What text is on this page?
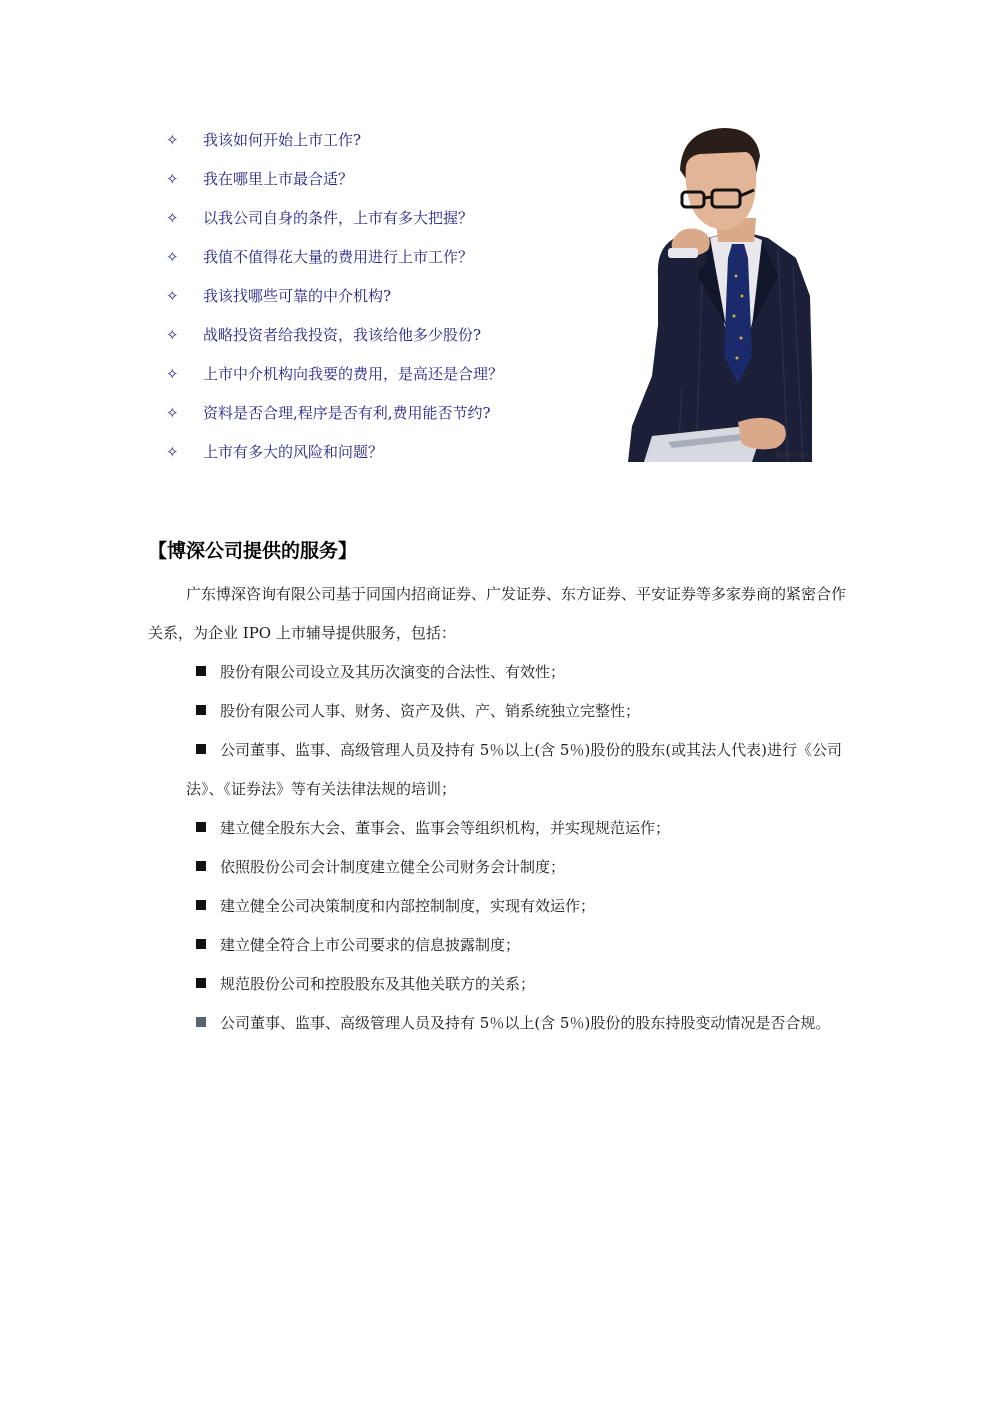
✧	我该如何开始上市工作?
✧	我在哪里上市最合适？
✧	以我公司自身的条件，上市有多大把握？
✧	我值不值得花大量的费用进行上市工作？
✧	我该找哪些可靠的中介机构?
✧	战略投资者给我投资，我该给他多少股份?
✧	上市中介机构向我要的费用，是高还是合理？
✧	资料是否合理,程序是否有利,费用能否节约?
✧	上市有多大的风险和问题？	昵图网 nipic
【博深公司提供的服务】

广东博深咨询有限公司基于同国内招商证券、广发证券、东方证券、平安证券等多家券商的紧密合作关系，为企业 IPO 上市辅导提供服务，包括：

股份有限公司设立及其历次演变的合法性、有效性；
股份有限公司人事、财务、资产及供、产、销系统独立完整性；
公司董事、监事、高级管理人员及持有 5％以上(含 5％)股份的股东(或其法人代表)进行《公司法》、《证券法》等有关法律法规的培训；
建立健全股东大会、董事会、监事会等组织机构，并实现规范运作；
依照股份公司会计制度建立健全公司财务会计制度；
建立健全公司决策制度和内部控制制度，实现有效运作；
建立健全符合上市公司要求的信息披露制度；
规范股份公司和控股股东及其他关联方的关系；
公司董事、监事、高级管理人员及持有 5％以上(含 5％)股份的股东持股变动情况是否合规。
